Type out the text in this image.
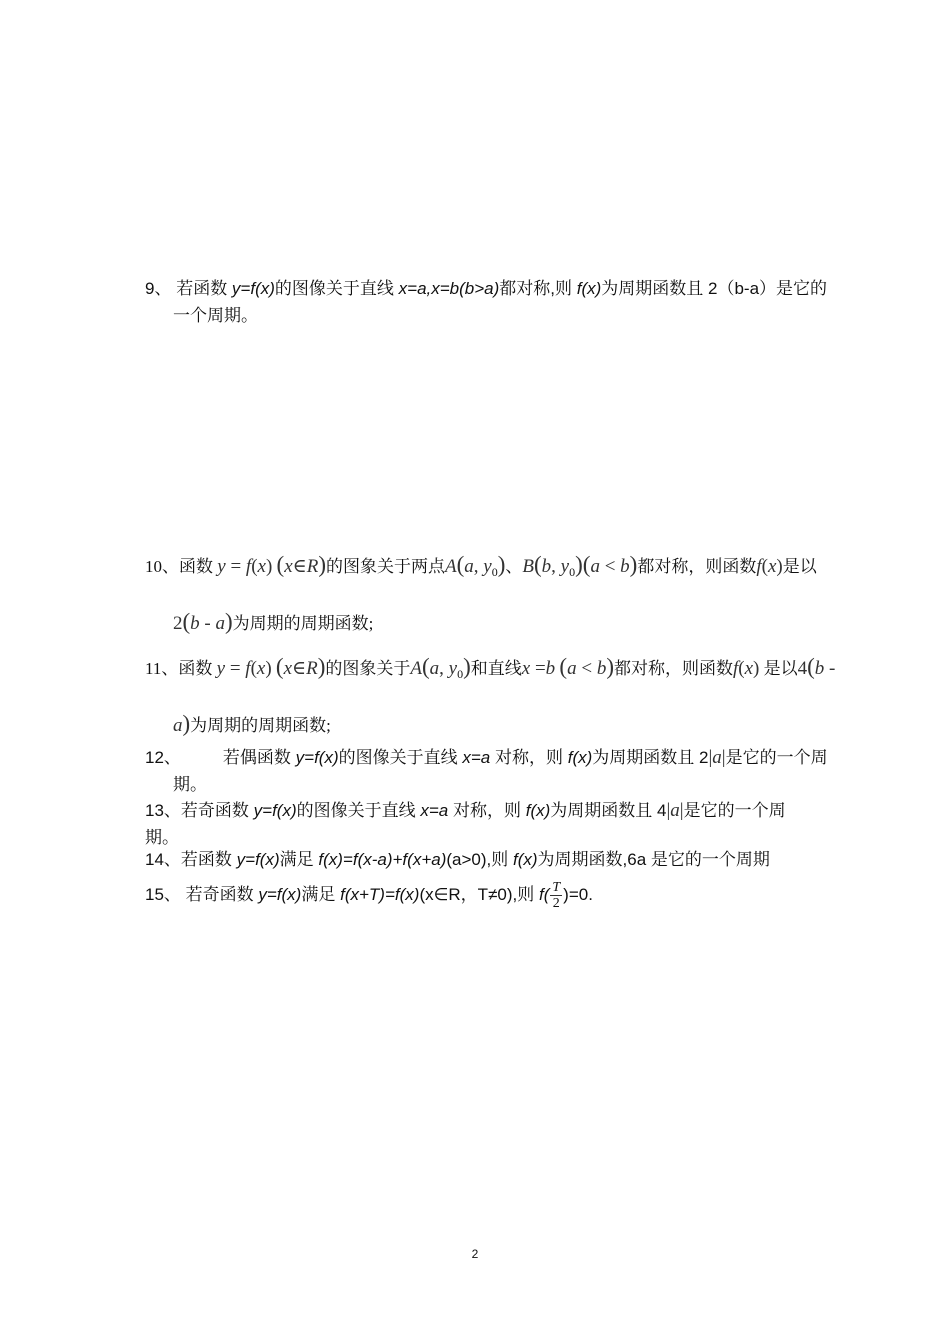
9、 若函数 y=f(x)的图像关于直线 x=a,x=b(b>a)都对称,则 f(x)为周期函数且 2（b-a）是它的一个周期。
10、函数 y = f(x) (x∈R)的图象关于两点A(a, $y_0$)、B(b, $y_0)(a < b)$都对称，则函数f(x)是以2(b - a)为周期的周期函数;
11、函数 y = f(x) (x∈R)的图象关于A(a, $y_0$)和直线x =b (a < b)都对称，则函数f(x) 是以4(b - a)为周期的周期函数;
12、 若偶函数 y=f(x)的图像关于直线 x=a 对称，则 f(x)为周期函数且 2|a|是它的一个周期。
13、若奇函数 y=f(x)的图像关于直线 x=a 对称，则 f(x)为周期函数且 4|a|是它的一个周期。
14、若函数 y=f(x)满足 f(x)=f(x-a)+f(x+a)(a>0),则 f(x)为周期函数,6a 是它的一个周期
15、 若奇函数 y=f(x)满足 f(x+T)=f(x)(x∈R，T≠0),则 $f( \frac{T}{2} )=0$.
2
